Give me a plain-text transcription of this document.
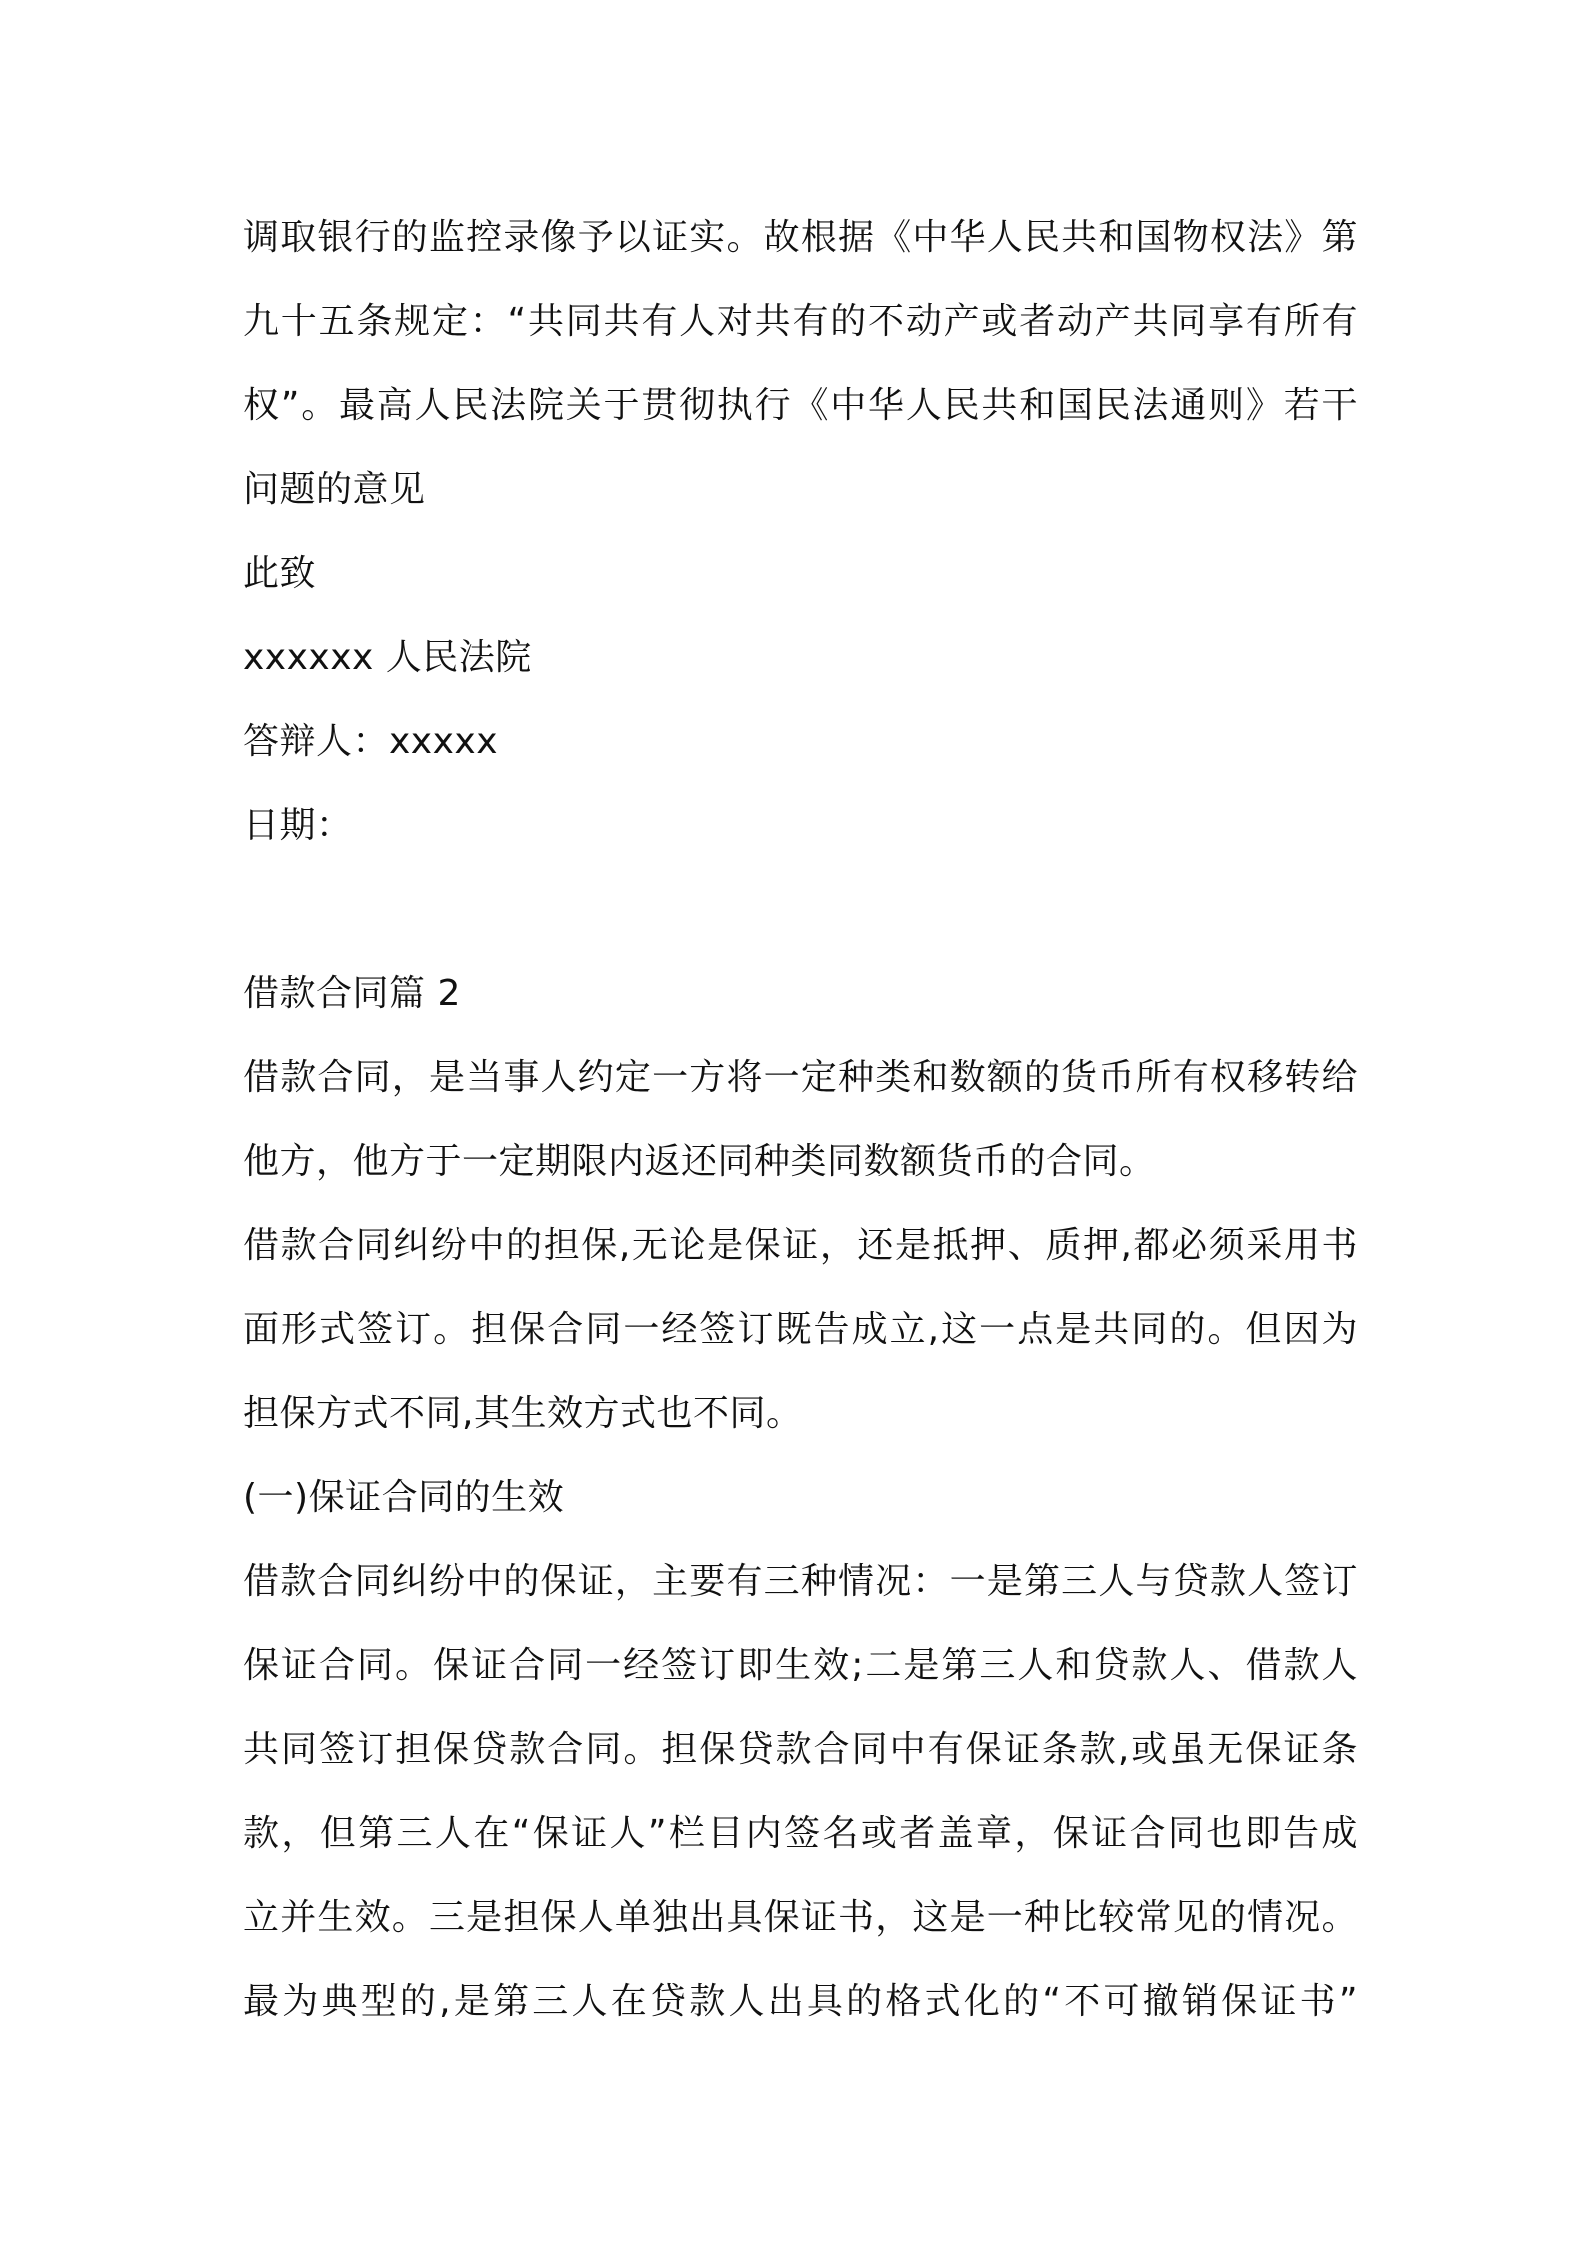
调取银行的监控录像予以证实。故根据《中华人民共和国物权法》第
九十五条规定：“共同共有人对共有的不动产或者动产共同享有所有
权”。最高人民法院关于贯彻执行《中华人民共和国民法通则》若干
问题的意见
此致
xxxxxx 人民法院
答辩人：xxxxx
日期：
借款合同篇 2
借款合同，是当事人约定一方将一定种类和数额的货币所有权移转给
他方，他方于一定期限内返还同种类同数额货币的合同。
借款合同纠纷中的担保,无论是保证，还是抵押、质押,都必须采用书
面形式签订。担保合同一经签订既告成立,这一点是共同的。但因为
担保方式不同,其生效方式也不同。
(一)保证合同的生效
借款合同纠纷中的保证，主要有三种情况：一是第三人与贷款人签订
保证合同。保证合同一经签订即生效;二是第三人和贷款人、借款人
共同签订担保贷款合同。担保贷款合同中有保证条款,或虽无保证条
款，但第三人在“保证人”栏目内签名或者盖章，保证合同也即告成
立并生效。三是担保人单独出具保证书，这是一种比较常见的情况。
最为典型的,是第三人在贷款人出具的格式化的“不可撤销保证书”
